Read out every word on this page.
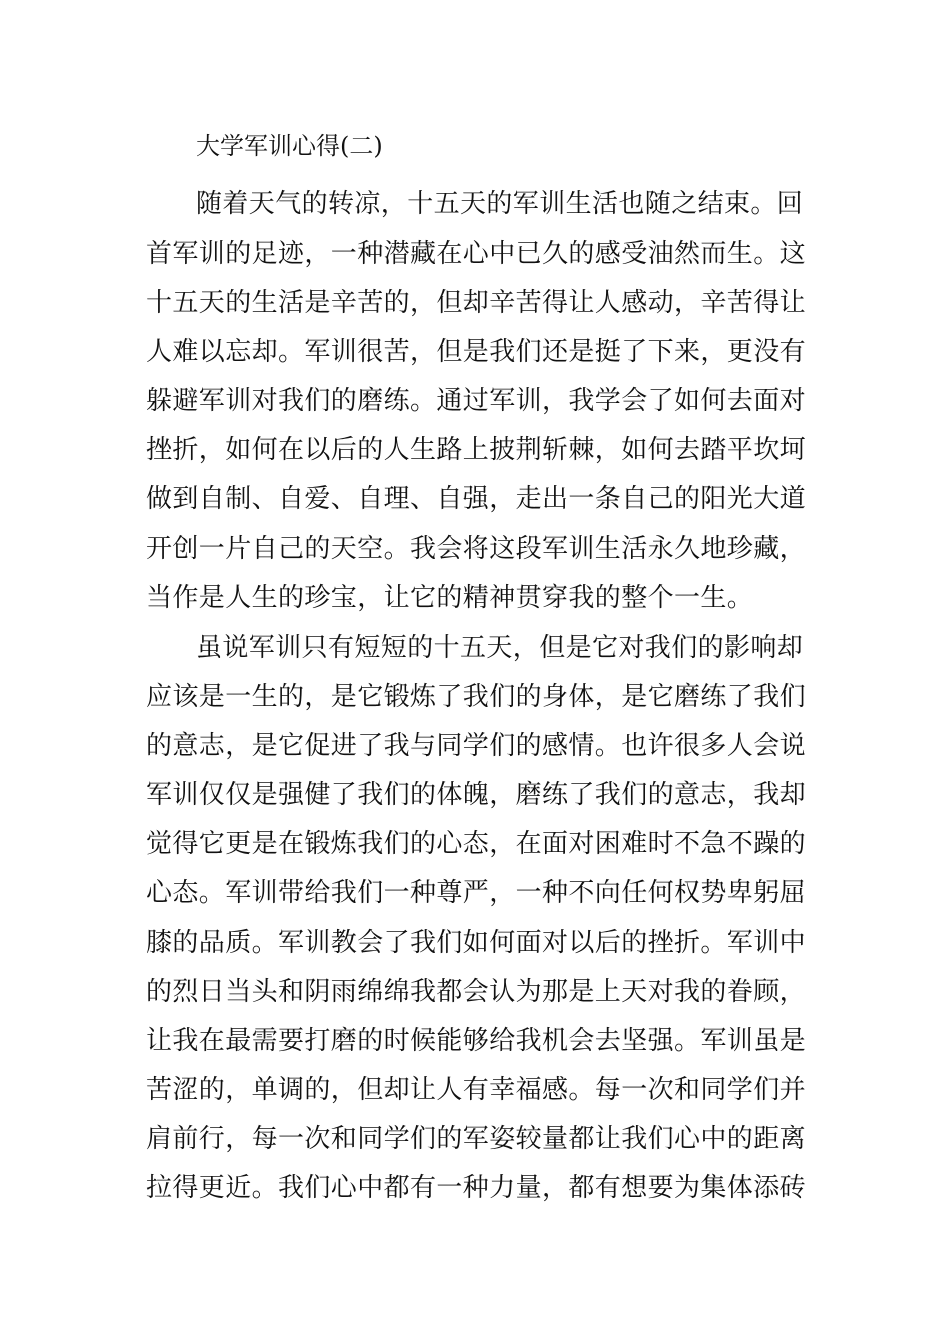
大学军训心得(二)
随着天气的转凉，十五天的军训生活也随之结束。回
首军训的足迹，一种潜藏在心中已久的感受油然而生。这
十五天的生活是辛苦的，但却辛苦得让人感动，辛苦得让
人难以忘却。军训很苦，但是我们还是挺了下来，更没有
躲避军训对我们的磨练。通过军训，我学会了如何去面对
挫折，如何在以后的人生路上披荆斩棘，如何去踏平坎坷
做到自制、自爱、自理、自强，走出一条自己的阳光大道
开创一片自己的天空。我会将这段军训生活永久地珍藏，
当作是人生的珍宝，让它的精神贯穿我的整个一生。
虽说军训只有短短的十五天，但是它对我们的影响却
应该是一生的，是它锻炼了我们的身体，是它磨练了我们
的意志，是它促进了我与同学们的感情。也许很多人会说
军训仅仅是强健了我们的体魄，磨练了我们的意志，我却
觉得它更是在锻炼我们的心态，在面对困难时不急不躁的
心态。军训带给我们一种尊严，一种不向任何权势卑躬屈
膝的品质。军训教会了我们如何面对以后的挫折。军训中
的烈日当头和阴雨绵绵我都会认为那是上天对我的眷顾，
让我在最需要打磨的时候能够给我机会去坚强。军训虽是
苦涩的，单调的，但却让人有幸福感。每一次和同学们并
肩前行，每一次和同学们的军姿较量都让我们心中的距离
拉得更近。我们心中都有一种力量，都有想要为集体添砖
